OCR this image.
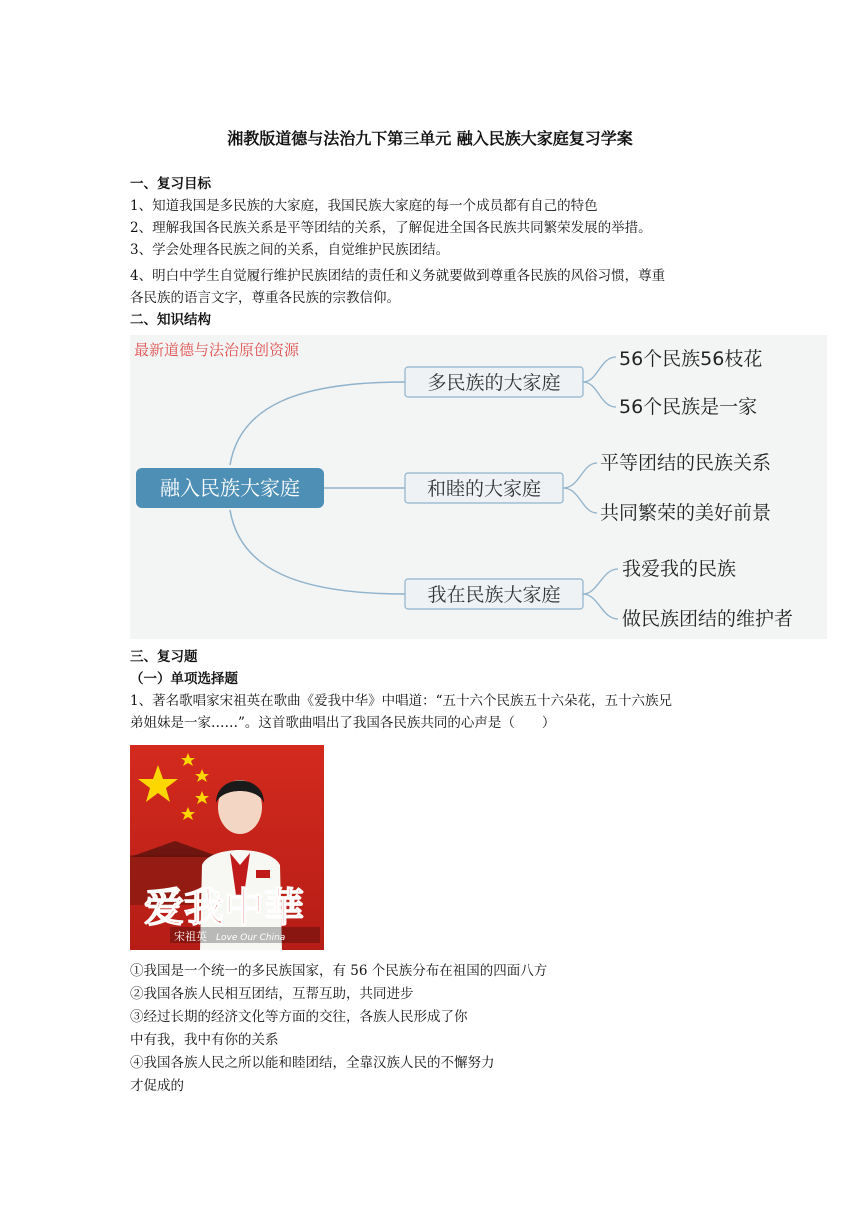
湘教版道德与法治九下第三单元 融入民族大家庭复习学案
一、复习目标
1、知道我国是多民族的大家庭，我国民族大家庭的每一个成员都有自己的特色
2、理解我国各民族关系是平等团结的关系，了解促进全国各民族共同繁荣发展的举措。
3、学会处理各民族之间的关系，自觉维护民族团结。
4、明白中学生自觉履行维护民族团结的责任和义务就要做到尊重各民族的风俗习惯，尊重
各民族的语言文字，尊重各民族的宗教信仰。
二、知识结构
最新道德与法治原创资源
融入民族大家庭
多民族的大家庭
56个民族56枝花
56个民族是一家
和睦的大家庭
平等团结的民族关系
共同繁荣的美好前景
我在民族大家庭
我爱我的民族
做民族团结的维护者
三、复习题
（一）单项选择题
1、著名歌唱家宋祖英在歌曲《爱我中华》中唱道：“五十六个民族五十六朵花，五十六族兄
弟姐妹是一家……”。这首歌曲唱出了我国各民族共同的心声是（　　）
爱我中華
宋祖英 Love Our China
①我国是一个统一的多民族国家，有 56 个民族分布在祖国的四面八方
②我国各族人民相互团结，互帮互助，共同进步
③经过长期的经济文化等方面的交往，各族人民形成了你
中有我，我中有你的关系
④我国各族人民之所以能和睦团结，全靠汉族人民的不懈努力
才促成的
